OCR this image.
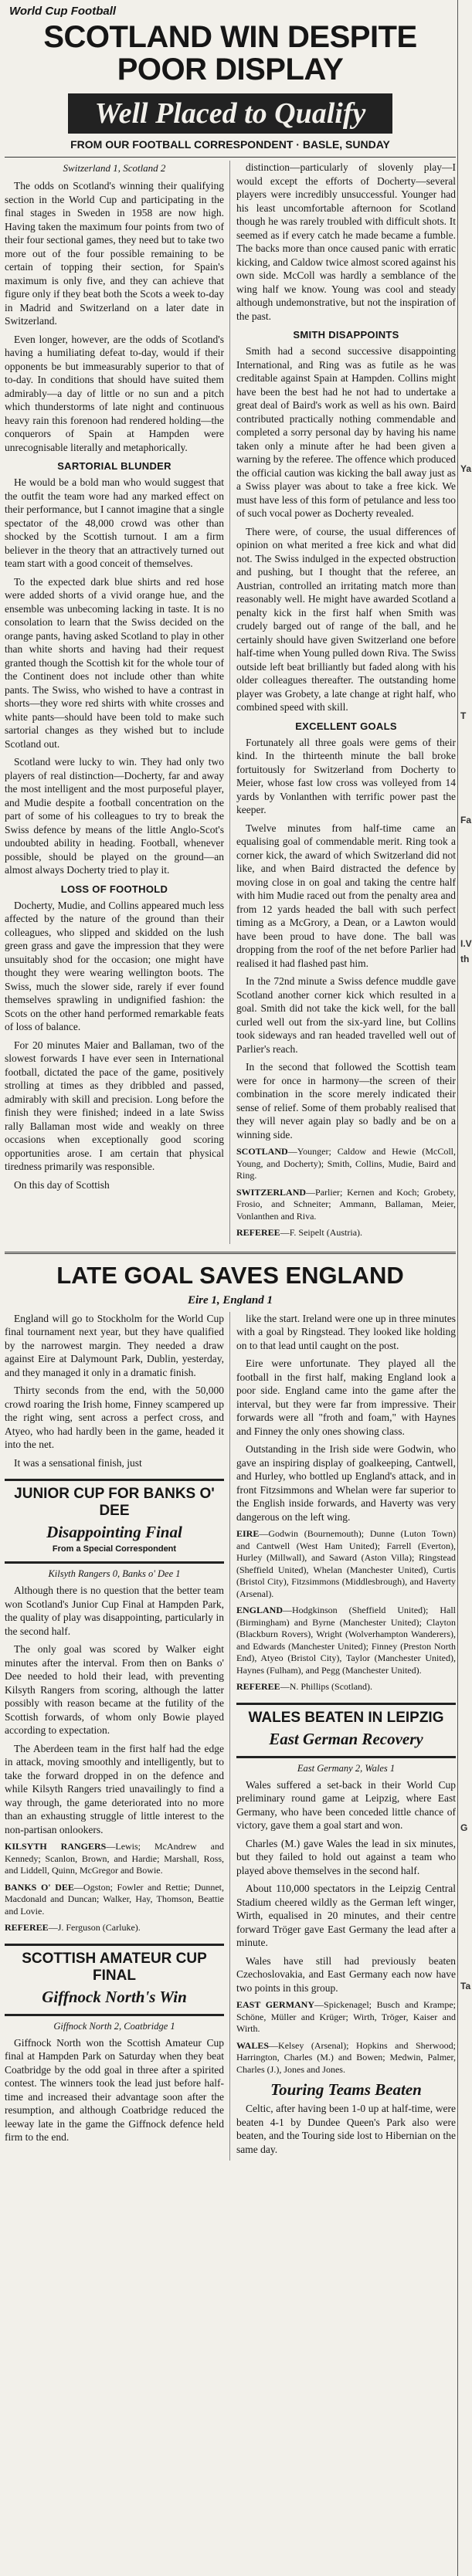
World Cup Football
SCOTLAND WIN DESPITE POOR DISPLAY
Well Placed to Qualify
FROM OUR FOOTBALL CORRESPONDENT · BASLE, SUNDAY
Switzerland 1, Scotland 2

The odds on Scotland's winning their qualifying section in the World Cup and participating in the final stages in Sweden in 1958 are now high. Having taken the maximum four points from two of their four sectional games, they need but to take two more out of the four possible remaining to be certain of topping their section, for Spain's maximum is only five, and they can achieve that figure only if they beat both the Scots a week to-day in Madrid and Switzerland on a later date in Switzerland.

Even longer, however, are the odds of Scotland's having a humiliating defeat to-day, would if their opponents be but immeasurably superior to that of to-day. In conditions that should have suited them admirably—a day of little or no sun and a pitch which thunderstorms of late night and continuous heavy rain this forenoon had rendered holding—the conquerors of Spain at Hampden were unrecognisable literally and metaphorically.

SARTORIAL BLUNDER

He would be a bold man who would suggest that the outfit the team wore had any marked effect on their performance, but I cannot imagine that a single spectator of the 48,000 crowd was other than shocked by the Scottish turnout. I am a firm believer in the theory that an attractively turned out team start with a good conceit of themselves.

To the expected dark blue shirts and red hose were added shorts of a vivid orange hue, and the ensemble was unbecoming lacking in taste. It is no consolation to learn that the Swiss decided on the orange pants, having asked Scotland to play in other than white shorts and having had their request granted though the Scottish kit for the whole tour of the Continent does not include other than white pants. The Swiss, who wished to have a contrast in shorts—they wore red shirts with white crosses and white pants—should have been told to make such sartorial changes as they wished but to include Scotland out.

Scotland were lucky to win. They had only two players of real distinction—Docherty, far and away the most intelligent and the most purposeful player, and Mudie despite a football concentration on the part of some of his colleagues to try to break the Swiss defence by means of the little Anglo-Scot's undoubted ability in heading. Football, whenever possible, should be played on the ground—an almost always Docherty tried to play it.

LOSS OF FOOTHOLD

Docherty, Mudie, and Collins appeared much less affected by the nature of the ground than their colleagues, who slipped and skidded on the lush green grass and gave the impression that they were unsuitably shod for the occasion; one might have thought they were wearing wellington boots. The Swiss, much the slower side, rarely if ever found themselves sprawling in undignified fashion: the Scots on the other hand performed remarkable feats of loss of balance.

For 20 minutes Maier and Ballaman, two of the slowest forwards I have ever seen in International football, dictated the pace of the game, positively strolling at times as they dribbled and passed, admirably with skill and precision. Long before the finish they were finished; indeed in a late Swiss rally Ballaman most wide and weakly on three occasions when exceptionally good scoring opportunities arose. I am certain that physical tiredness primarily was responsible.

On this day of Scottish

distinction—particularly of slovenly play—I would except the efforts of Docherty—several players were incredibly unsuccessful. Younger had his least uncomfortable afternoon for Scotland though he was rarely troubled with difficult shots. It seemed as if every catch he made became a fumble. The backs more than once caused panic with erratic kicking, and Caldow twice almost scored against his own side. McColl was hardly a semblance of the wing half we know. Young was cool and steady although undemonstrative, but not the inspiration of the past.

SMITH DISAPPOINTS

Smith had a second successive disappointing International, and Ring was as futile as he was creditable against Spain at Hampden. Collins might have been the best had he not had to undertake a great deal of Baird's work as well as his own. Baird contributed practically nothing commendable and completed a sorry personal day by having his name taken only a minute after he had been given a warning by the referee. The offence which produced the official caution was kicking the ball away just as a Swiss player was about to take a free kick. We must have less of this form of petulance and less too of such vocal power as Docherty revealed.

There were, of course, the usual differences of opinion on what merited a free kick and what did not. The Swiss indulged in the expected obstruction and pushing, but I thought that the referee, an Austrian, controlled an irritating match more than reasonably well. He might have awarded Scotland a penalty kick in the first half when Smith was crudely barged out of range of the ball, and he certainly should have given Switzerland one before half-time when Young pulled down Riva. The Swiss outside left beat brilliantly but faded along with his older colleagues thereafter. The outstanding home player was Grobety, a late change at right half, who combined speed with skill.

EXCELLENT GOALS

Fortunately all three goals were gems of their kind. In the thirteenth minute the ball broke fortuitously for Switzerland from Docherty to Meier, whose fast low cross was volleyed from 14 yards by Vonlanthen with terrific power past the keeper.

Twelve minutes from half-time came an equalising goal of commendable merit. Ring took a corner kick, the award of which Switzerland did not like, and when Baird distracted the defence by moving close in on goal and taking the centre half with him Mudie raced out from the penalty area and from 12 yards headed the ball with such perfect timing as a McGrory, a Dean, or a Lawton would have been proud to have done. The ball was dropping from the roof of the net before Parlier had realised it had flashed past him.

In the 72nd minute a Swiss defence muddle gave Scotland another corner kick which resulted in a goal. Smith did not take the kick well, for the ball curled well out from the six-yard line, but Collins took sideways and ran headed travelled well out of Parlier's reach.

In the second that followed the Scottish team were for once in harmony—the screen of their combination in the score merely indicated their sense of relief. Some of them probably realised that they will never again play so badly and be on a winning side.

SCOTLAND—Younger; Caldow and Hewie (McColl, Young, and Docherty); Smith, Collins, Mudie, Baird and Ring.

SWITZERLAND—Parlier; Kernen and Koch; Grobety, Frosio, and Schneiter; Ammann, Ballaman, Meier, Vonlanthen and Riva.

REFEREE—F. Seipelt (Austria).

LATE GOAL SAVES ENGLAND
Eire 1, England 1

England will go to Stockholm for the World Cup final tournament next year, but they have qualified by the narrowest margin. They needed a draw against Eire at Dalymount Park, Dublin, yesterday, and they managed it only in a dramatic finish.

Thirty seconds from the end, with the 50,000 crowd roaring the Irish home, Finney scampered up the right wing, sent across a perfect cross, and Atyeo, who had hardly been in the game, headed it into the net.

It was a sensational finish, just

JUNIOR CUP FOR BANKS O' DEE
Disappointing Final
From a Special Correspondent
Kilsyth Rangers 0, Banks o' Dee 1

Although there is no question that the better team won Scotland's Junior Cup Final at Hampden Park, the quality of play was disappointing, particularly in the second half.

The only goal was scored by Walker eight minutes after the interval. From then on Banks o' Dee needed to hold their lead, with preventing Kilsyth Rangers from scoring, although the latter possibly with reason became at the futility of the Scottish forwards, of whom only Bowie played according to expectation.

The Aberdeen team in the first half had the edge in attack, moving smoothly and intelligently, but to take the forward dropped in on the defence and while Kilsyth Rangers tried unavailingly to find a way through, the game deteriorated into no more than an exhausting struggle of little interest to the non-partisan onlookers.

KILSYTH RANGERS—Lewis; McAndrew and Kennedy; Scanlon, Brown, and Hardie; Marshall, Ross, and Liddell, Quinn, McGregor and Bowie.

BANKS O' DEE—Ogston; Fowler and Rettie; Dunnet, Macdonald and Duncan; Walker, Hay, Thomson, Beattie and Lovie.

REFEREE—J. Ferguson (Carluke).

SCOTTISH AMATEUR CUP FINAL
Giffnock North's Win
Giffnock North 2, Coatbridge 1

Giffnock North won the Scottish Amateur Cup final at Hampden Park on Saturday when they beat Coatbridge by the odd goal in three after a spirited contest. The winners took the lead just before half-time and increased their advantage soon after the resumption, and although Coatbridge reduced the leeway late in the game the Giffnock defence held firm to the end.

like the start. Ireland were one up in three minutes with a goal by Ringstead. They looked like holding on to that lead until caught on the post.

Eire were unfortunate. They played all the football in the first half, making England look a poor side. England came into the game after the interval, but they were far from impressive. Their forwards were all "froth and foam," with Haynes and Finney the only ones showing class.

Outstanding in the Irish side were Godwin, who gave an inspiring display of goalkeeping, Cantwell, and Hurley, who bottled up England's attack, and in front Fitzsimmons and Whelan were far superior to the English inside forwards, and Haverty was very dangerous on the left wing.

EIRE—Godwin (Bournemouth); Dunne (Luton Town) and Cantwell (West Ham United); Farrell (Everton), Hurley (Millwall), and Saward (Aston Villa); Ringstead (Sheffield United), Whelan (Manchester United), Curtis (Bristol City), Fitzsimmons (Middlesbrough), and Haverty (Arsenal).

ENGLAND—Hodgkinson (Sheffield United); Hall (Birmingham) and Byrne (Manchester United); Clayton (Blackburn Rovers), Wright (Wolverhampton Wanderers), and Edwards (Manchester United); Finney (Preston North End), Atyeo (Bristol City), Taylor (Manchester United), Haynes (Fulham), and Pegg (Manchester United).

REFEREE—N. Phillips (Scotland).

WALES BEATEN IN LEIPZIG
East German Recovery
East Germany 2, Wales 1

Wales suffered a set-back in their World Cup preliminary round game at Leipzig, where East Germany, who have been conceded little chance of victory, gave them a goal start and won.

Charles (M.) gave Wales the lead in six minutes, but they failed to hold out against a team who played above themselves in the second half.

About 110,000 spectators in the Leipzig Central Stadium cheered wildly as the German left winger, Wirth, equalised in 20 minutes, and their centre forward Tröger gave East Germany the lead after a minute.

Wales have still had previously beaten Czechoslovakia, and East Germany each now have two points in this group.

EAST GERMANY—Spickenagel; Busch and Krampe; Schöne, Müller and Krüger; Wirth, Tröger, Kaiser and Wirth.

WALES—Kelsey (Arsenal); Hopkins and Sherwood; Harrington, Charles (M.) and Bowen; Medwin, Palmer, Charles (J.), Jones and Jones.

Touring Teams Beaten

Celtic, after having been 1-0 up at half-time, were beaten 4-1 by Dundee Queen's Park also were beaten, and the Touring side lost to Hibernian on the same day.

Ya
T
Fa
I.V
th
G
Ta
